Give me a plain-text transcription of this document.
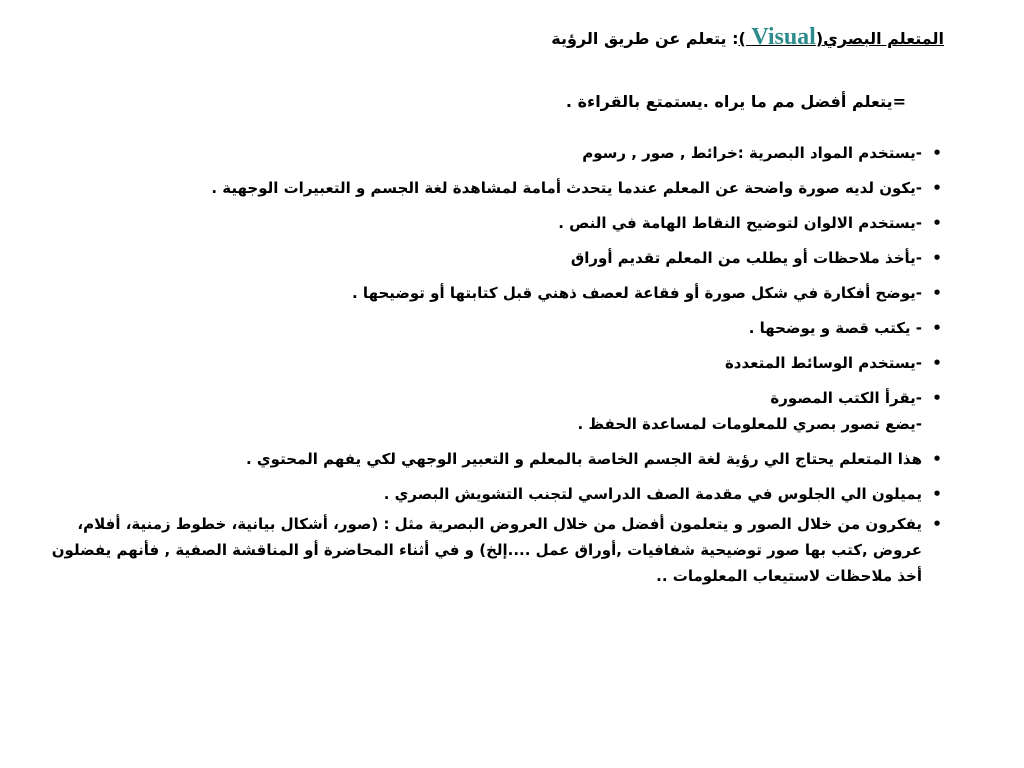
المتعلم البصري(Visual ): يتعلم عن طريق الرؤية
=يتعلم أفضل مم ما يراه .يستمتع بالقراءة .
•
-يستخدم المواد البصرية :خرائط , صور , رسوم
•
-يكون لديه صورة واضحة عن المعلم عندما يتحدث أمامة لمشاهدة لغة الجسم و التعبيرات الوجهية .
•
-يستخدم الالوان لتوضيح النقاط الهامة في النص .
•
-يأخذ ملاحظات أو يطلب من المعلم تقديم أوراق
•
-يوضح أفكارة في شكل صورة أو فقاعة لعصف ذهني قبل كتابتها أو توضيحها .
•
- يكتب قصة و يوضحها .
•
-يستخدم الوسائط المتعددة
•
-يقرأ الكتب المصورة
-يضع تصور بصري للمعلومات لمساعدة الحفظ .
•
هذا المتعلم يحتاج الي رؤية لغة الجسم الخاصة بالمعلم و التعبير الوجهي لكي يفهم المحتوي .
•
يميلون الي الجلوس في مقدمة الصف الدراسي لتجنب التشويش البصري .
•
يفكرون من خلال الصور و يتعلمون أفضل من خلال العروض البصرية مثل : (صور، أشكال بيانية، خطوط زمنية، أفلام، عروض ,كتب بها صور توضيحية شفافيات ,أوراق عمل ....إلخ) و في أثناء المحاضرة أو المناقشة الصفية , فأنهم يفضلون أخذ ملاحظات لاستيعاب المعلومات ..
